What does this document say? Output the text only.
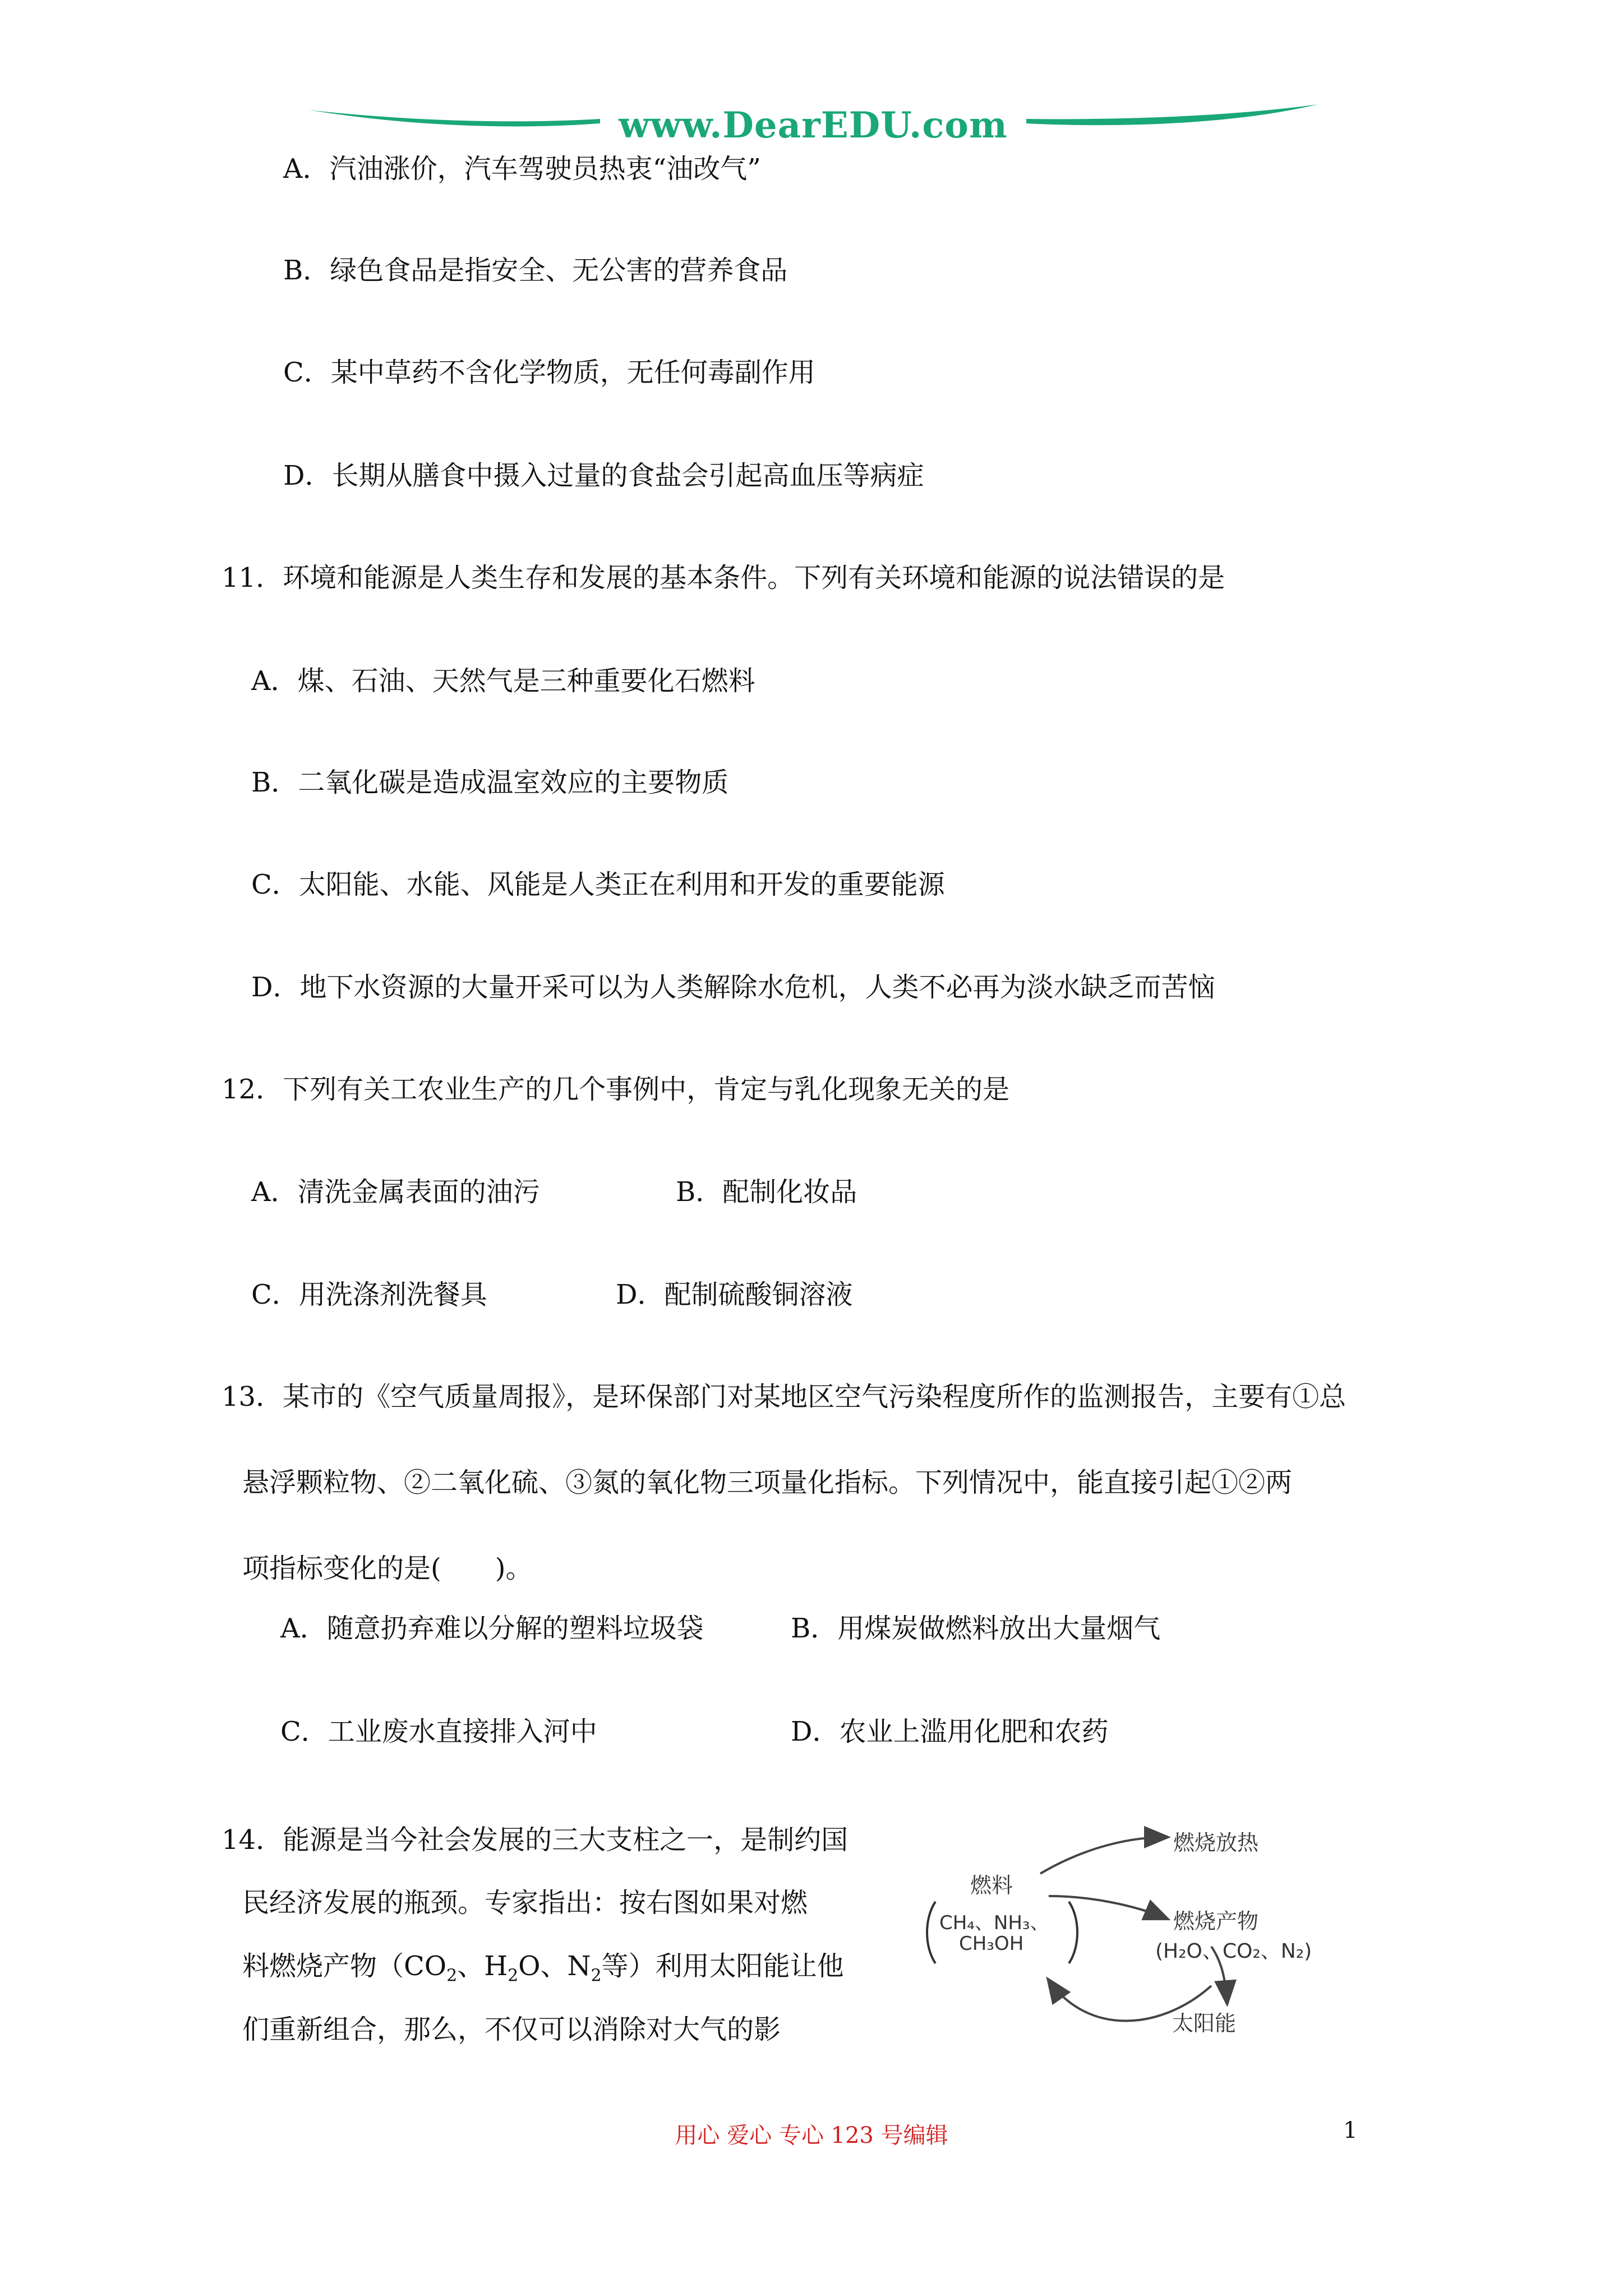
www.DearEDU.com
A．汽油涨价，汽车驾驶员热衷“油改气”
B．绿色食品是指安全、无公害的营养食品
C．某中草药不含化学物质，无任何毒副作用
D．长期从膳食中摄入过量的食盐会引起高血压等病症
11．环境和能源是人类生存和发展的基本条件。下列有关环境和能源的说法错误的是
A．煤、石油、天然气是三种重要化石燃料
B．二氧化碳是造成温室效应的主要物质
C．太阳能、水能、风能是人类正在利用和开发的重要能源
D．地下水资源的大量开采可以为人类解除水危机，人类不必再为淡水缺乏而苦恼
12．下列有关工农业生产的几个事例中，肯定与乳化现象无关的是
A．清洗金属表面的油污	B．配制化妆品
C．用洗涤剂洗餐具	D．配制硫酸铜溶液
13．某市的《空气质量周报》，是环保部门对某地区空气污染程度所作的监测报告，主要有①总
悬浮颗粒物、②二氧化硫、③氮的氧化物三项量化指标。下列情况中，能直接引起①②两
项指标变化的是(　　)。
A．随意扔弃难以分解的塑料垃圾袋	B．用煤炭做燃料放出大量烟气
C．工业废水直接排入河中	D．农业上滥用化肥和农药
14．能源是当今社会发展的三大支柱之一，是制约国
民经济发展的瓶颈。专家指出：按右图如果对燃
料燃烧产物（$CO_2$、$H_2O$、$N_2$等）利用太阳能让他
们重新组合，那么，不仅可以消除对大气的影
燃料
CH₄、NH₃、
CH₃OH
燃烧放热
燃烧产物
(H₂O、CO₂、N₂)
太阳能
用心 爱心 专心 123 号编辑	1
